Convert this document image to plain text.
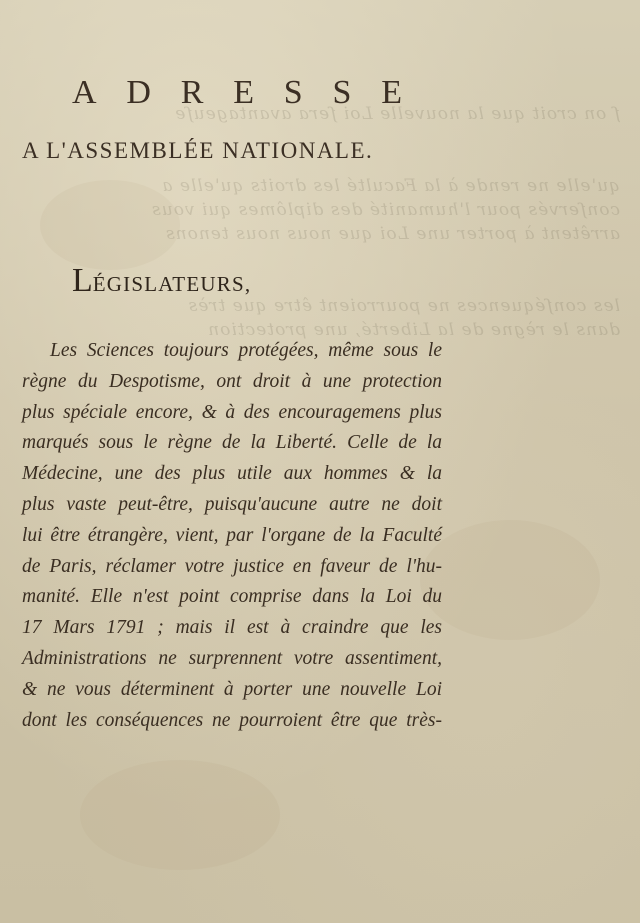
ſ on croit que la nouvelle Loi ſera avantageuſe
qu'elle ne rende à la Faculté les droits qu'elle a
conſervés pour l'humanité des diplômes qui vous
arrêtent à porter une Loi que nous nous tenons
les conſéquences ne pourroient être que très
dans le règne de la Liberté, une protection
A D R E S S E
A L'ASSEMBLÉE NATIONALE.
LÉGISLATEURS,
Les Sciences toujours protégées, même sous le
règne du Despotisme, ont droit à une protection
plus spéciale encore, & à des encouragemens plus
marqués sous le règne de la Liberté. Celle de la
Médecine, une des plus utile aux hommes & la
plus vaste peut-être, puisqu'aucune autre ne doit
lui être étrangère, vient, par l'organe de la Faculté
de Paris, réclamer votre justice en faveur de l'hu-
manité. Elle n'est point comprise dans la Loi du
17 Mars 1791 ; mais il est à craindre que les
Administrations ne surprennent votre assentiment,
& ne vous déterminent à porter une nouvelle Loi
dont les conséquences ne pourroient être que très-
